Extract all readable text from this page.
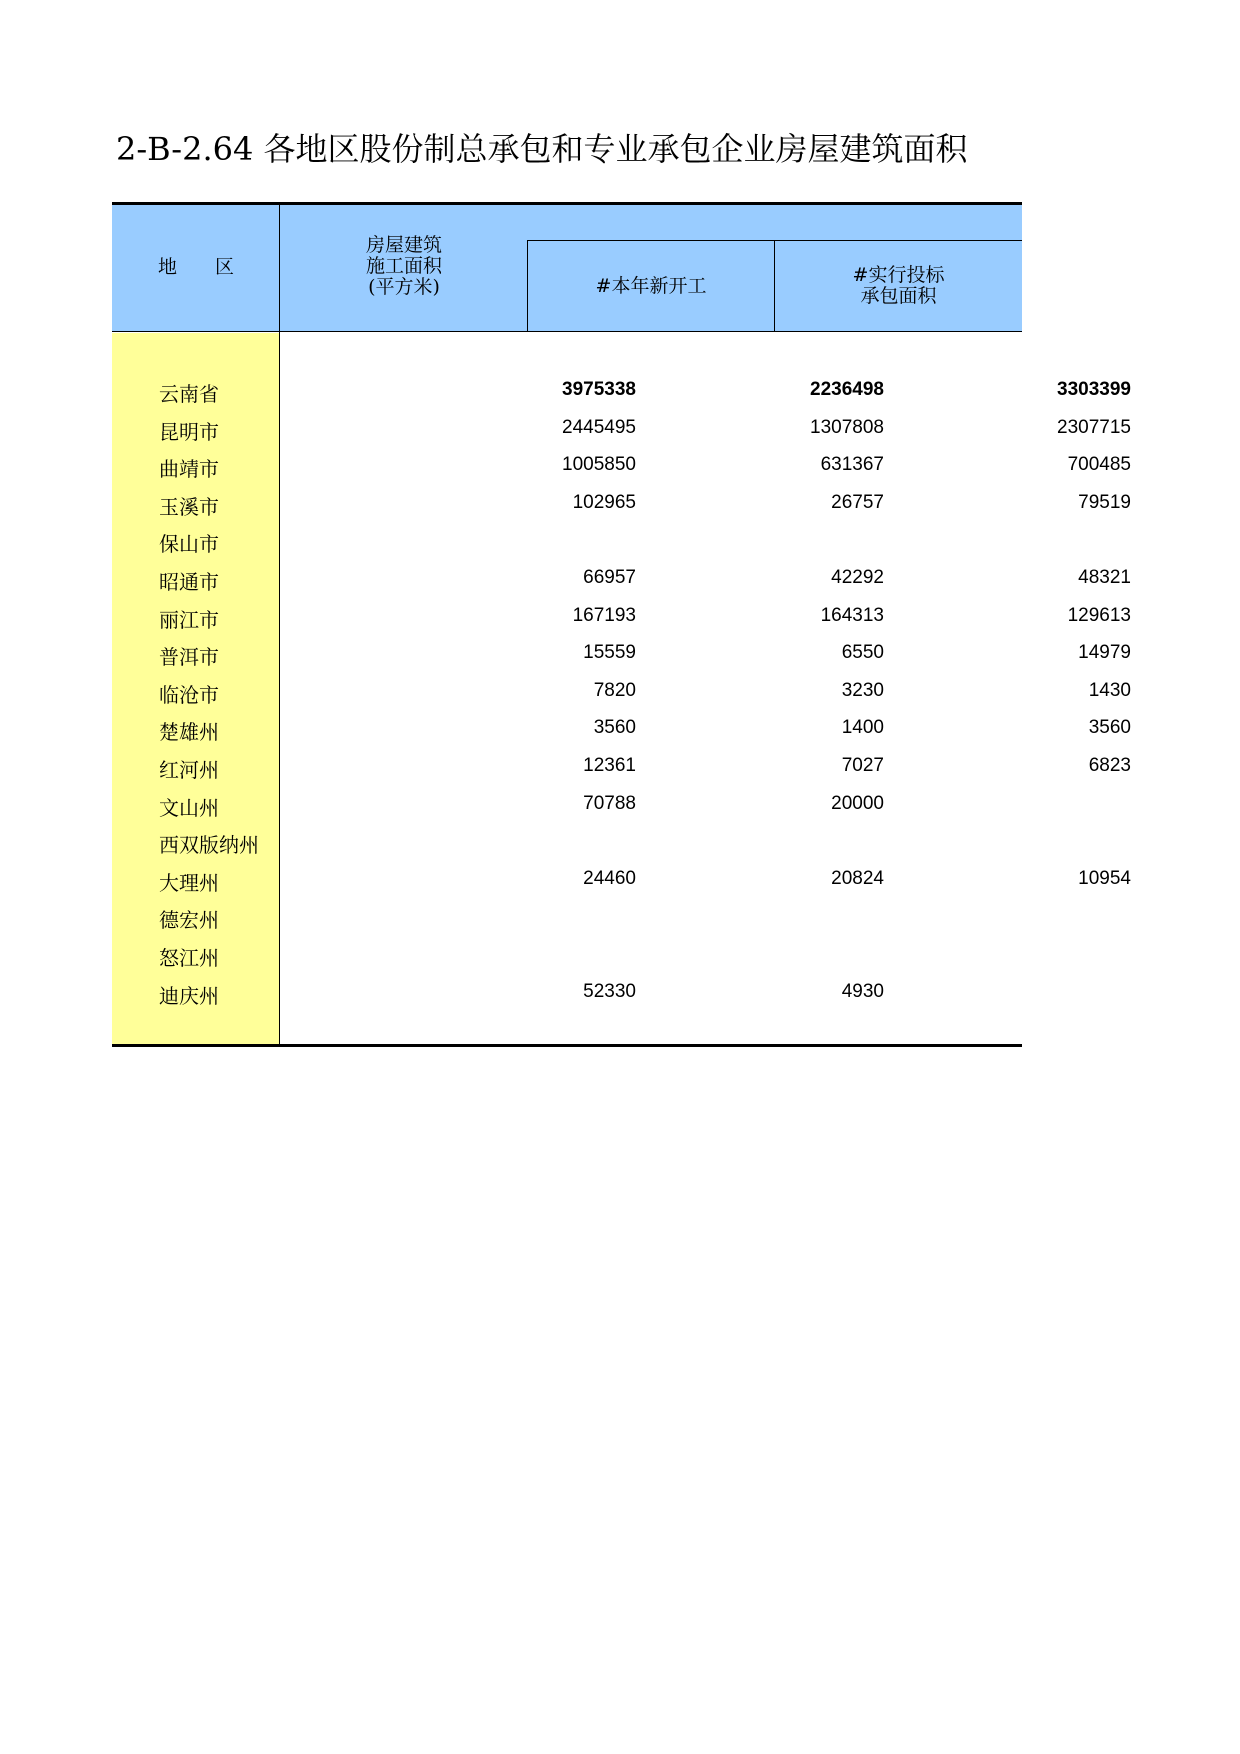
2-B-2.64 各地区股份制总承包和专业承包企业房屋建筑面积
地　　区
房屋建筑
施工面积
(平方米)	#本年新开工	#实行投标
承包面积
云南省	3975338	2236498	3303399
昆明市	2445495	1307808	2307715
曲靖市	1005850	631367	700485
玉溪市	102965	26757	79519
保山市
昭通市	66957	42292	48321
丽江市	167193	164313	129613
普洱市	15559	6550	14979
临沧市	7820	3230	1430
楚雄州	3560	1400	3560
红河州	12361	7027	6823
文山州	70788	20000
西双版纳州
大理州	24460	20824	10954
德宏州
怒江州
迪庆州	52330	4930
